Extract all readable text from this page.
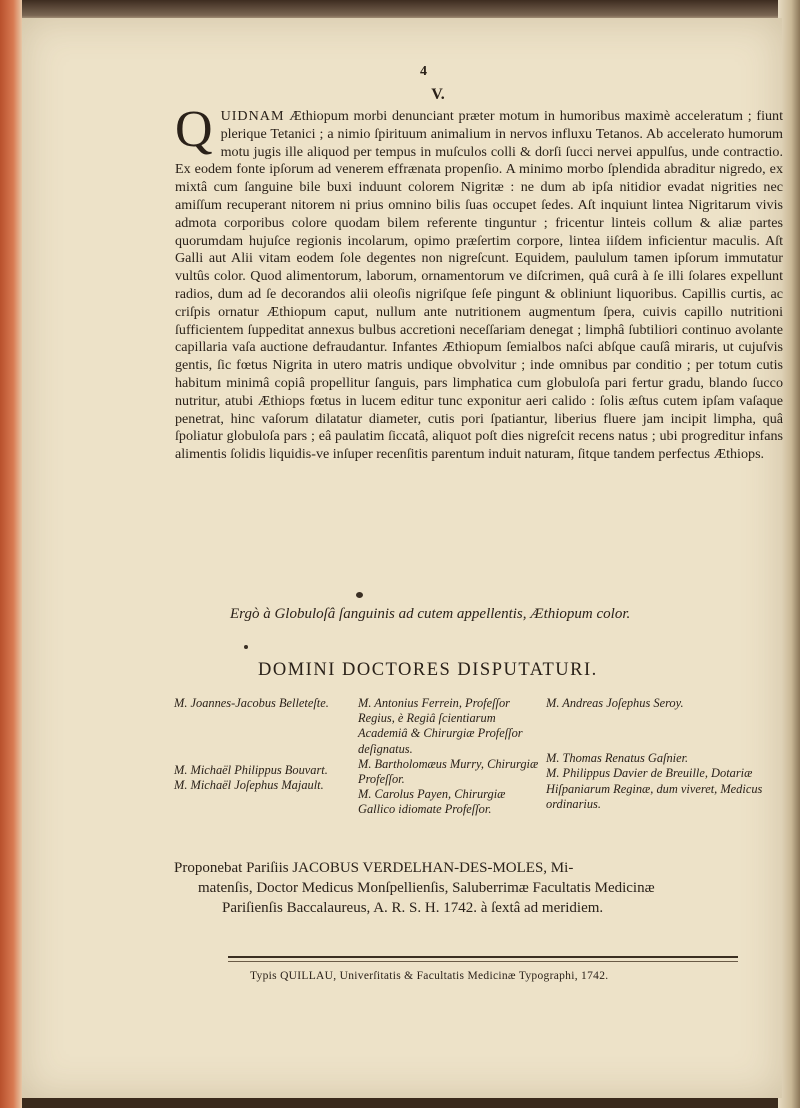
4
V.

QUIDNAM Æthiopum morbi denunciant præter motum in humoribus maximè acceleratum ; fiunt plerique Tetanici ; a nimio ſpirituum animalium in nervos influxu Tetanos. Ab accelerato humorum motu jugis ille aliquod per tempus in muſculos colli & dorſi ſucci nervei appulſus, unde contractio. Ex eodem fonte ipſorum ad venerem effrænata propenſio. A minimo morbo ſplendida abraditur nigredo, ex mixtâ cum ſanguine bile buxi induunt colorem Nigritæ : ne dum ab ipſa nitidior evadat nigrities nec amiſſum recuperant nitorem ni prius omnino bilis ſuas occupet ſedes. Aſt inquiunt lintea Nigritarum vivis admota corporibus colore quodam bilem referente tinguntur ; fricentur linteis collum & aliæ partes quorumdam hujuſce regionis incolarum, opimo præſertim corpore, lintea iiſdem inficientur maculis. Aſt Galli aut Alii vitam eodem ſole degentes non nigreſcunt. Equidem, paululum tamen ipſorum immutatur vultûs color. Quod alimentorum, laborum, ornamentorum ve diſcrimen, quâ curâ à ſe illi ſolares expellunt radios, dum ad ſe decorandos alii oleoſis nigriſque ſeſe pingunt & obliniunt liquoribus. Capillis curtis, ac criſpis ornatur Æthiopum caput, nullum ante nutritionem augmentum ſpera, cuivis capillo nutritioni ſufficientem ſuppeditat annexus bulbus accretioni neceſſariam denegat ; limphâ ſubtiliori continuo avolante capillaria vaſa auctione defraudantur. Infantes Æthiopum ſemialbos naſci abſque cauſâ miraris, ut cujuſvis gentis, ſic fœtus Nigrita in utero matris undique obvolvitur ; inde omnibus par conditio ; per totum cutis habitum minimâ copiâ propellitur ſanguis, pars limphatica cum globuloſa pari fertur gradu, blando ſucco nutritur, atubi Æthiops fœtus in lucem editur tunc exponitur aeri calido : ſolis æſtus cutem ipſam vaſaque penetrat, hinc vaſorum dilatatur diameter, cutis pori ſpatiantur, liberius fluere jam incipit limpha, quâ ſpoliatur globuloſa pars ; eâ paulatim ſiccatâ, aliquot poſt dies nigreſcit recens natus ; ubi progreditur infans alimentis ſolidis liquidis-ve inſuper recenſitis parentum induit naturam, ſitque tandem perfectus Æthiops.

Ergò à Globuloſâ ſanguinis ad cutem appellentis, Æthiopum color.
DOMINI DOCTORES DISPUTATURI.

M. Joannes-Jacobus Belleteſte.

M. Michaël Philippus Bouvart.

M. Michaël Joſephus Majault.

M. Antonius Ferrein, Profeſſor Regius, è Regiâ ſcientiarum Academiâ & Chirurgiæ Profeſſor deſignatus.

M. Bartholomæus Murry, Chirurgiæ Profeſſor.

M. Carolus Payen, Chirurgiæ Gallico idiomate Profeſſor.

M. Andreas Joſephus Seroy.

M. Thomas Renatus Gaſnier.

M. Philippus Davier de Breuille, Dotariæ Hiſpaniarum Reginæ, dum viveret, Medicus ordinarius.

Proponebat Pariſiis JACOBUS VERDELHAN-DES-MOLES, Mi-

matenſis, Doctor Medicus Monſpellienſis, Saluberrimæ Facultatis Medicinæ

Pariſienſis Baccalaureus, A. R. S. H. 1742. à ſextâ ad meridiem.

Typis QUILLAU, Univerſitatis & Facultatis Medicinæ Typographi, 1742.
